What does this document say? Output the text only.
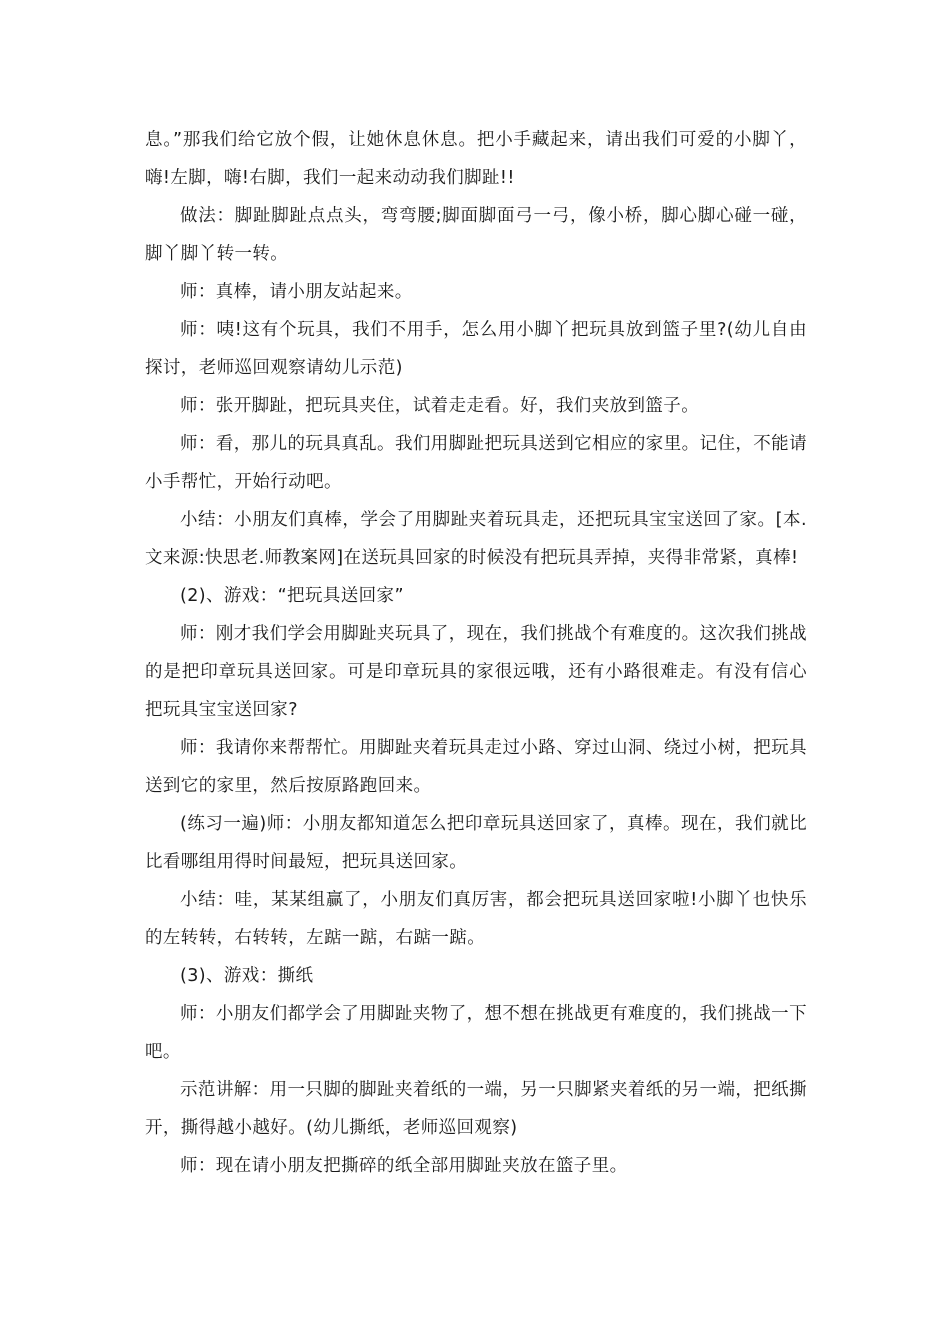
息。”那我们给它放个假，让她休息休息。把小手藏起来，请出我们可爱的小脚丫，嗨!左脚，嗨!右脚，我们一起来动动我们脚趾!!

做法：脚趾脚趾点点头，弯弯腰;脚面脚面弓一弓，像小桥，脚心脚心碰一碰，脚丫脚丫转一转。

师：真棒，请小朋友站起来。

师：咦!这有个玩具，我们不用手，怎么用小脚丫把玩具放到篮子里?(幼儿自由探讨，老师巡回观察请幼儿示范)

师：张开脚趾，把玩具夹住，试着走走看。好，我们夹放到篮子。

师：看，那儿的玩具真乱。我们用脚趾把玩具送到它相应的家里。记住，不能请小手帮忙，开始行动吧。

小结：小朋友们真棒，学会了用脚趾夹着玩具走，还把玩具宝宝送回了家。[本.文来源:快思老.师教案网]在送玩具回家的时候没有把玩具弄掉，夹得非常紧，真棒!

(2)、游戏：“把玩具送回家”

师：刚才我们学会用脚趾夹玩具了，现在，我们挑战个有难度的。这次我们挑战的是把印章玩具送回家。可是印章玩具的家很远哦，还有小路很难走。有没有信心把玩具宝宝送回家?

师：我请你来帮帮忙。用脚趾夹着玩具走过小路、穿过山洞、绕过小树，把玩具送到它的家里，然后按原路跑回来。

(练习一遍)师：小朋友都知道怎么把印章玩具送回家了，真棒。现在，我们就比比看哪组用得时间最短，把玩具送回家。

小结：哇，某某组赢了，小朋友们真厉害，都会把玩具送回家啦!小脚丫也快乐的左转转，右转转，左踮一踮，右踮一踮。

(3)、游戏：撕纸

师：小朋友们都学会了用脚趾夹物了，想不想在挑战更有难度的，我们挑战一下吧。

示范讲解：用一只脚的脚趾夹着纸的一端，另一只脚紧夹着纸的另一端，把纸撕开，撕得越小越好。(幼儿撕纸，老师巡回观察)

师：现在请小朋友把撕碎的纸全部用脚趾夹放在篮子里。
